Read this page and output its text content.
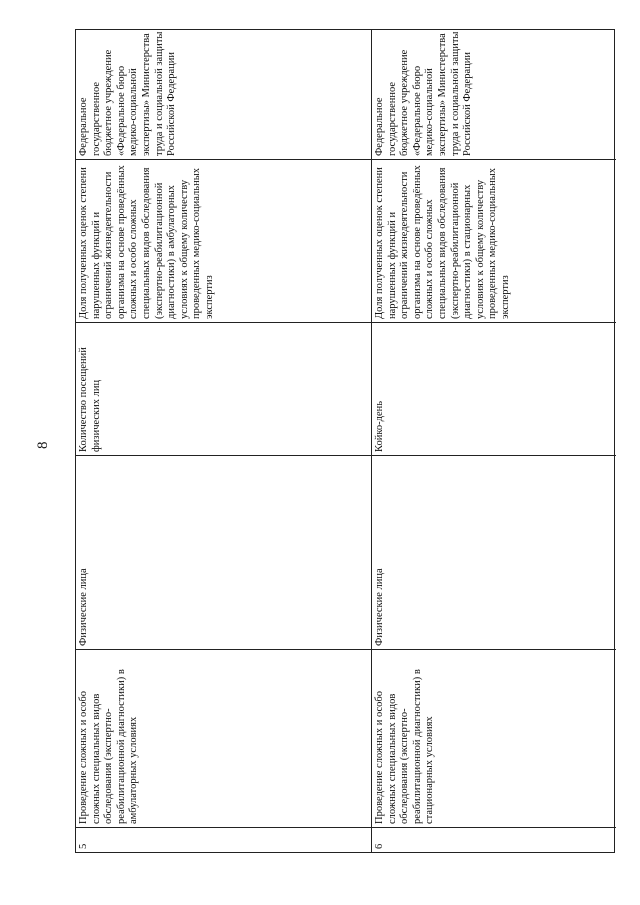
8
5
Проведение сложных и особо сложных специальных видов обследования (экспертно-реабилитационной диагностики) в амбулаторных условиях
Физические лица
Количество посещений физических лиц
Доля полученных оценок степени нарушенных функций и ограничений жизнедеятельности организма на основе проведённых сложных и особо сложных специальных видов обследования (экспертно-реабилитационной диагностики) в амбулаторных условиях к общему количеству проведенных медико-социальных экспертиз
Федеральное государственное бюджетное учреждение «Федеральное бюро медико-социальной экспертизы» Министерства труда и социальной защиты Российской Федерации
6
Проведение сложных и особо сложных специальных видов обследования (экспертно-реабилитационной диагностики) в стационарных условиях
Физические лица
Койко-день
Доля полученных оценок степени нарушенных функций и ограничений жизнедеятельности организма на основе проведённых сложных и особо сложных специальных видов обследования (экспертно-реабилитационной диагностики) в стационарных условиях к общему количеству проведенных медико-социальных экспертиз
Федеральное государственное бюджетное учреждение «Федеральное бюро медико-социальной экспертизы» Министерства труда и социальной защиты Российской Федерации
